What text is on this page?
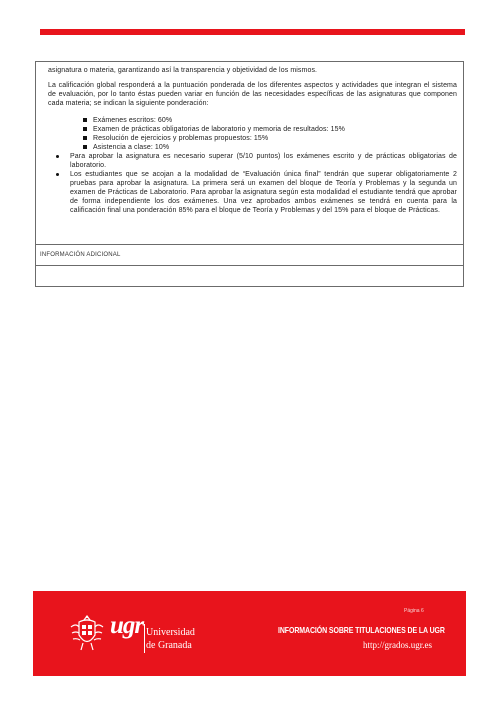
asignatura o materia, garantizando así la transparencia y objetividad de los mismos.

La calificación global responderá a la puntuación ponderada de los diferentes aspectos y actividades que integran el sistema de evaluación, por lo tanto éstas pueden variar en función de las necesidades específicas de las asignaturas que componen cada materia; se indican la siguiente ponderación:

Exámenes escritos: 60%
Examen de prácticas obligatorias de laboratorio y memoria de resultados: 15%
Resolución de ejercicios y problemas propuestos: 15%
Asistencia a clase: 10%
Para aprobar la asignatura es necesario superar (5/10 puntos) los exámenes escrito y de prácticas obligatorias de laboratorio.
Los estudiantes que se acojan a la modalidad de “Evaluación única final” tendrán que superar obligatoriamente 2 pruebas para aprobar la asignatura. La primera será un examen del bloque de Teoría y Problemas y la segunda un examen de Prácticas de Laboratorio. Para aprobar la asignatura según esta modalidad el estudiante tendrá que aprobar de forma independiente los dos exámenes. Una vez aprobados ambos exámenes se tendrá en cuenta para la calificación final una ponderación 85% para el bloque de Teoría y Problemas y del 15% para el bloque de Prácticas.
INFORMACIÓN ADICIONAL
Página 6
ugr Universidad
de Granada
INFORMACIÓN SOBRE TITULACIONES DE LA UGR
http://grados.ugr.es
